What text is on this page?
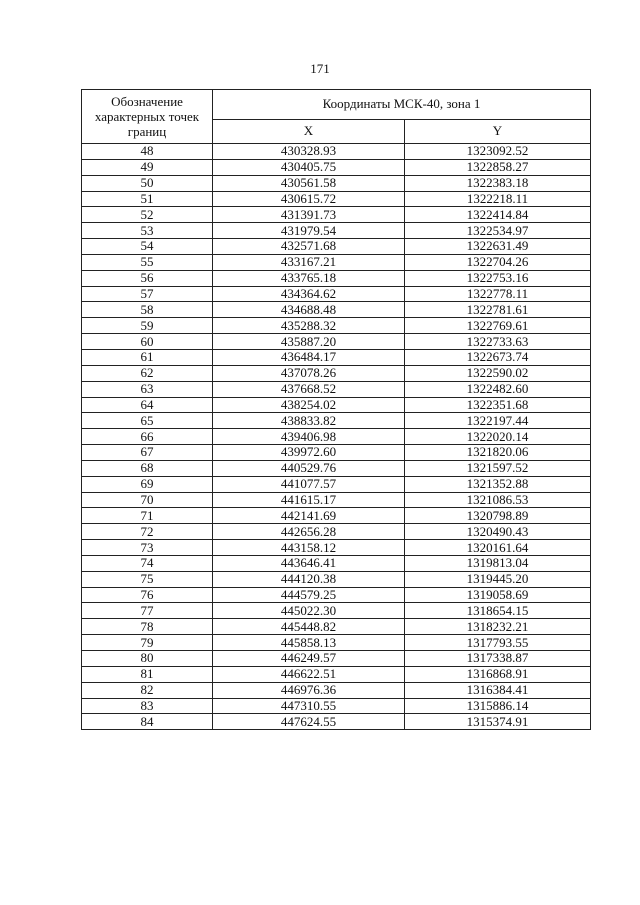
171
Обозначение характерных точек границ	Координаты МСК-40, зона 1	
	X	Y
48	430328.93	1323092.52
49	430405.75	1322858.27
50	430561.58	1322383.18
51	430615.72	1322218.11
52	431391.73	1322414.84
53	431979.54	1322534.97
54	432571.68	1322631.49
55	433167.21	1322704.26
56	433765.18	1322753.16
57	434364.62	1322778.11
58	434688.48	1322781.61
59	435288.32	1322769.61
60	435887.20	1322733.63
61	436484.17	1322673.74
62	437078.26	1322590.02
63	437668.52	1322482.60
64	438254.02	1322351.68
65	438833.82	1322197.44
66	439406.98	1322020.14
67	439972.60	1321820.06
68	440529.76	1321597.52
69	441077.57	1321352.88
70	441615.17	1321086.53
71	442141.69	1320798.89
72	442656.28	1320490.43
73	443158.12	1320161.64
74	443646.41	1319813.04
75	444120.38	1319445.20
76	444579.25	1319058.69
77	445022.30	1318654.15
78	445448.82	1318232.21
79	445858.13	1317793.55
80	446249.57	1317338.87
81	446622.51	1316868.91
82	446976.36	1316384.41
83	447310.55	1315886.14
84	447624.55	1315374.91
